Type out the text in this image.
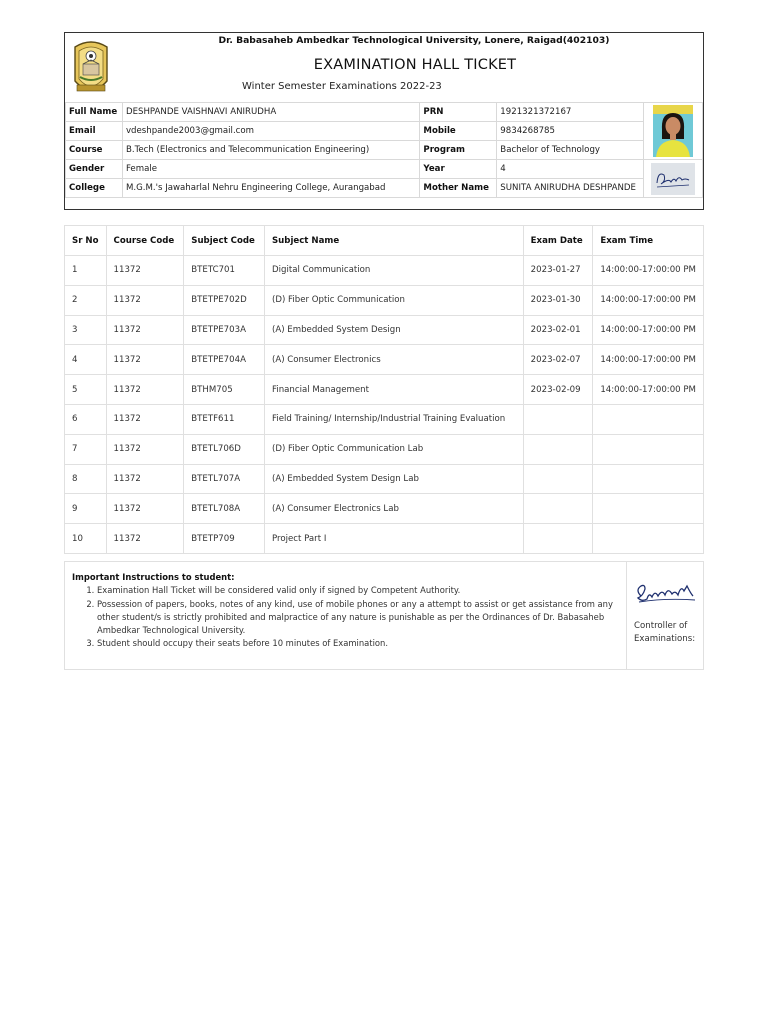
Dr. Babasaheb Ambedkar Technological University, Lonere, Raigad(402103)
EXAMINATION HALL TICKET
Winter Semester Examinations 2022-23
Full Name	DESHPANDE VAISHNAVI ANIRUDHA	PRN	1921321372167	

Email	vdeshpande2003@gmail.com	Mobile	9834268785	
Course	B.Tech (Electronics and Telecommunication Engineering)	Program	Bachelor of Technology	
Gender	Female	Year	4	

College	M.G.M.'s Jawaharlal Nehru Engineering College, Aurangabad	Mother Name	SUNITA ANIRUDHA DESHPANDE	
Sr No	Course Code	Subject Code	Subject Name	Exam Date	Exam Time
1	11372	BTETC701	Digital Communication	2023-01-27	14:00:00-17:00:00 PM
2	11372	BTETPE702D	(D) Fiber Optic Communication	2023-01-30	14:00:00-17:00:00 PM
3	11372	BTETPE703A	(A) Embedded System Design	2023-02-01	14:00:00-17:00:00 PM
4	11372	BTETPE704A	(A) Consumer Electronics	2023-02-07	14:00:00-17:00:00 PM
5	11372	BTHM705	Financial Management	2023-02-09	14:00:00-17:00:00 PM
6	11372	BTETF611	Field Training/ Internship/Industrial Training Evaluation		
7	11372	BTETL706D	(D) Fiber Optic Communication Lab		
8	11372	BTETL707A	(A) Embedded System Design Lab		
9	11372	BTETL708A	(A) Consumer Electronics Lab		
10	11372	BTETP709	Project Part I		
Important Instructions to student:
1. Examination Hall Ticket will be considered valid only if signed by Competent Authority.
2. Possession of papers, books, notes of any kind, use of mobile phones or any a attempt to assist or get assistance from any other student/s is strictly prohibited and malpractice of any nature is punishable as per the Ordinances of Dr. Babasaheb Ambedkar Technological University.
3. Student should occupy their seats before 10 minutes of Examination.
Controller of Examinations:
